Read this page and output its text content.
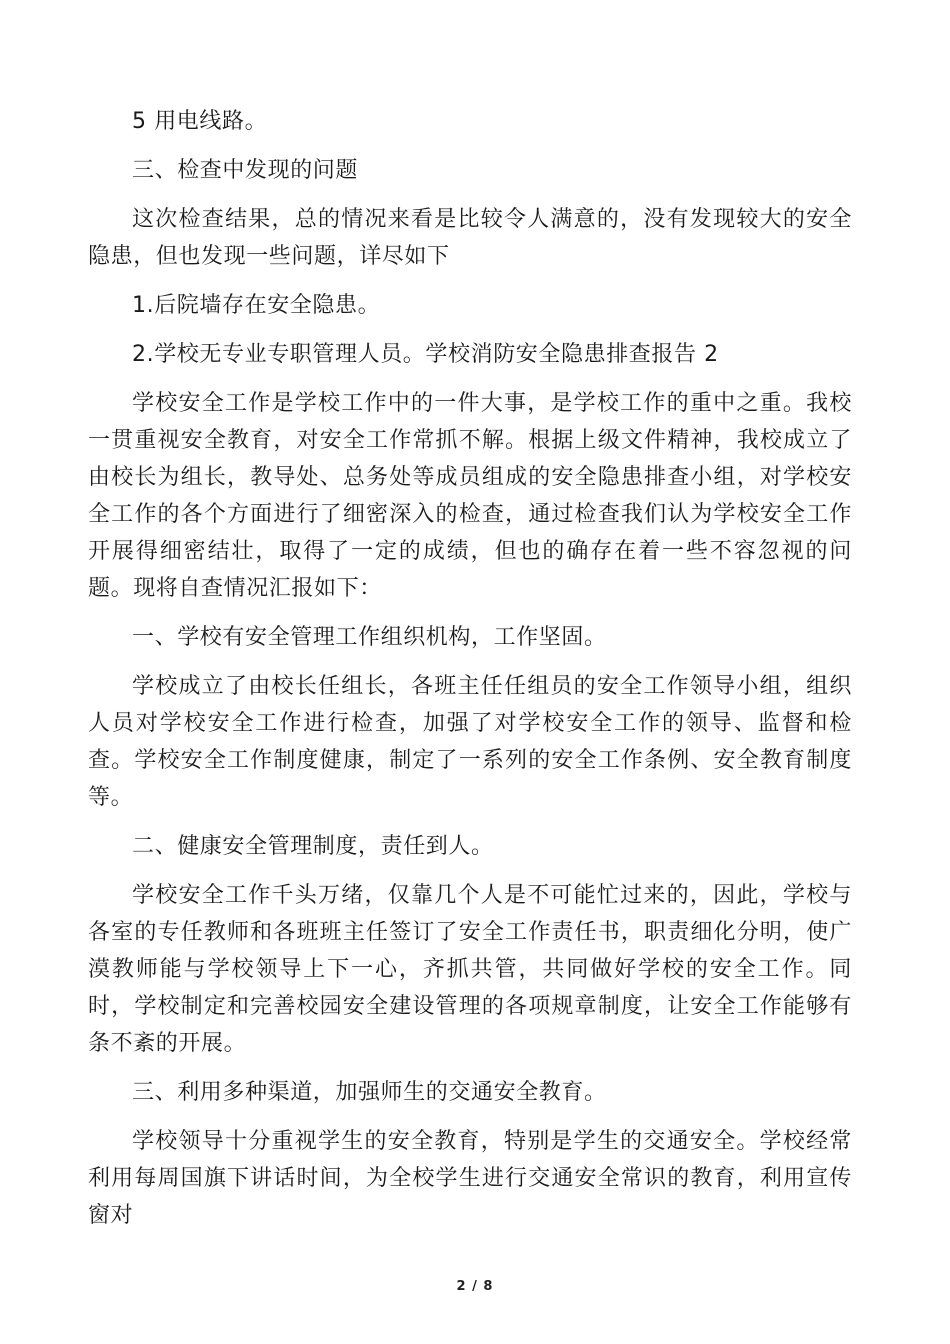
5 用电线路。

三、检查中发现的问题

这次检查结果，总的情况来看是比较令人满意的，没有发现较大的安全隐患，但也发现一些问题，详尽如下

1.后院墙存在安全隐患。

2.学校无专业专职管理人员。学校消防安全隐患排查报告 2

学校安全工作是学校工作中的一件大事，是学校工作的重中之重。我校一贯重视安全教育，对安全工作常抓不解。根据上级文件精神，我校成立了由校长为组长，教导处、总务处等成员组成的安全隐患排查小组，对学校安全工作的各个方面进行了细密深入的检查，通过检查我们认为学校安全工作开展得细密结壮，取得了一定的成绩，但也的确存在着一些不容忽视的问题。现将自查情况汇报如下：

一、学校有安全管理工作组织机构，工作坚固。

学校成立了由校长任组长，各班主任任组员的安全工作领导小组，组织人员对学校安全工作进行检查，加强了对学校安全工作的领导、监督和检查。学校安全工作制度健康，制定了一系列的安全工作条例、安全教育制度等。

二、健康安全管理制度，责任到人。

学校安全工作千头万绪，仅靠几个人是不可能忙过来的，因此，学校与各室的专任教师和各班班主任签订了安全工作责任书，职责细化分明，使广漠教师能与学校领导上下一心，齐抓共管，共同做好学校的安全工作。同时，学校制定和完善校园安全建设管理的各项规章制度，让安全工作能够有条不紊的开展。

三、利用多种渠道，加强师生的交通安全教育。

学校领导十分重视学生的安全教育，特别是学生的交通安全。学校经常利用每周国旗下讲话时间，为全校学生进行交通安全常识的教育，利用宣传窗对

2 / 8
